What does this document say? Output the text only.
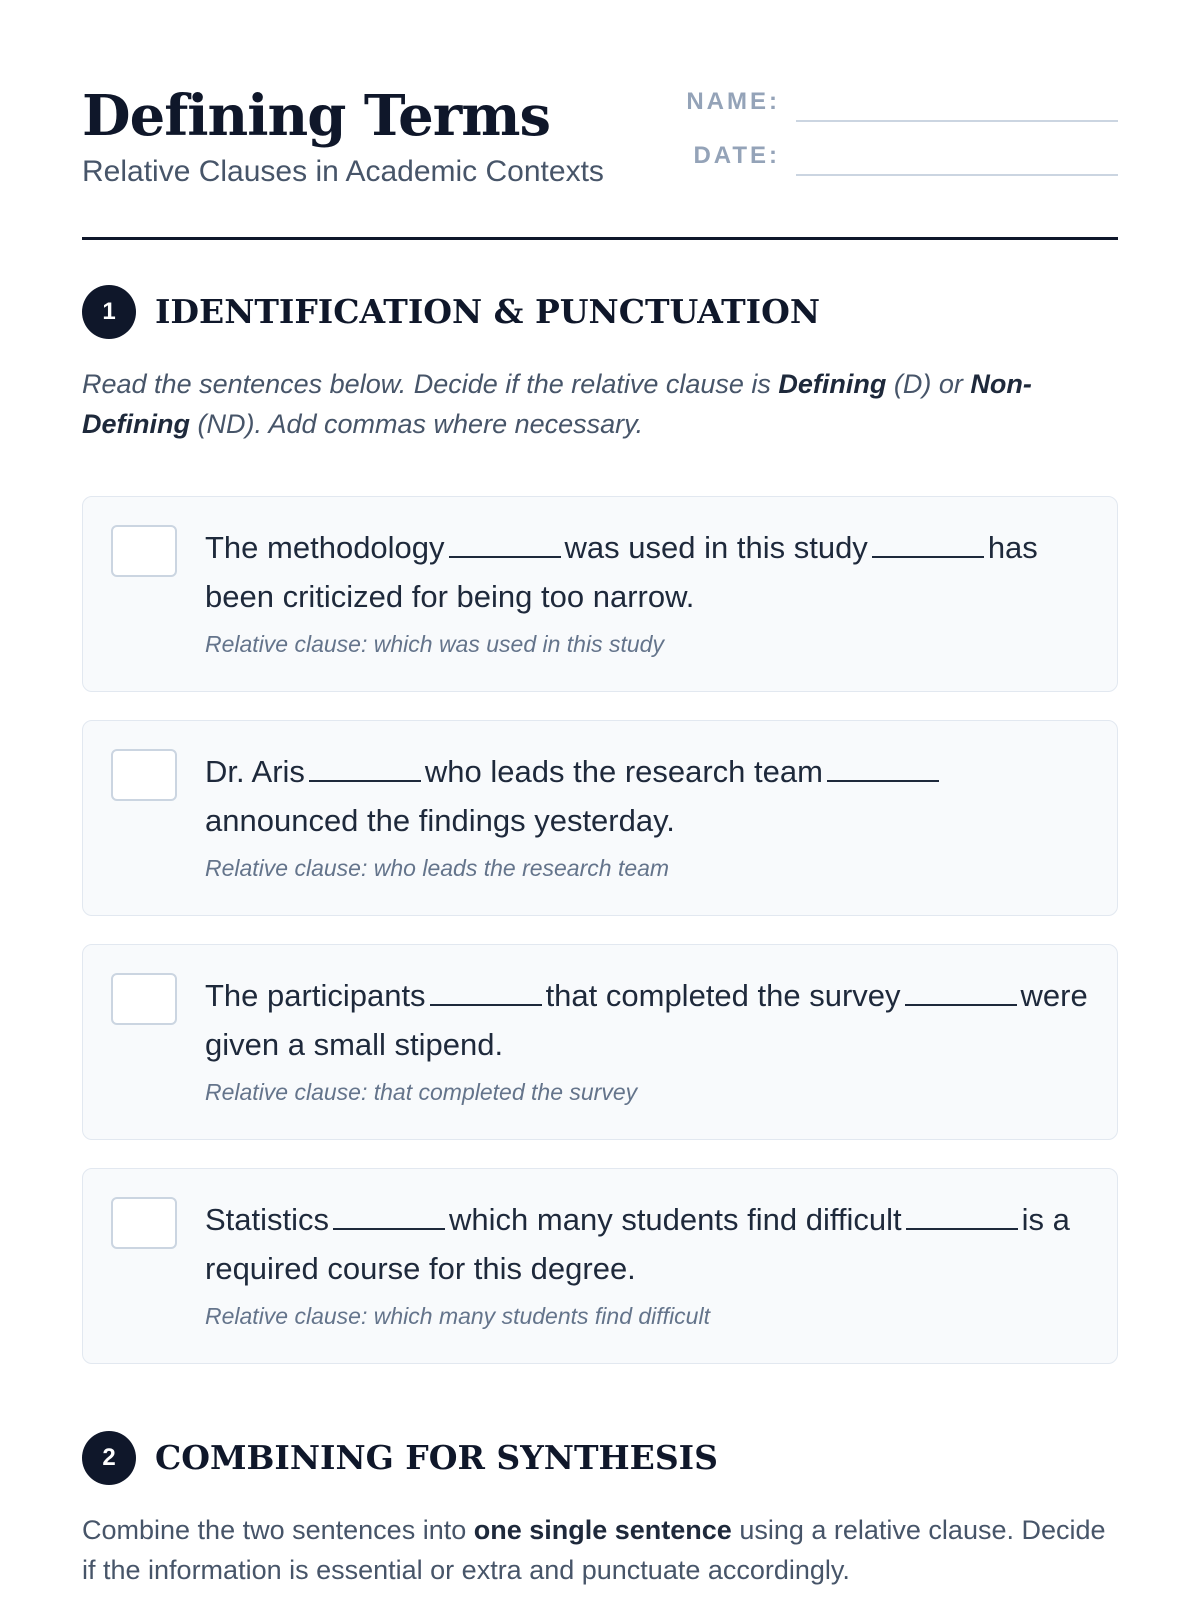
Defining Terms
Relative Clauses in Academic Contexts
NAME:
DATE:
1	IDENTIFICATION & PUNCTUATION
Read the sentences below. Decide if the relative clause is Defining (D) or Non-Defining (ND). Add commas where necessary.
The methodology	was used in this study	has been criticized for being too narrow.
Relative clause: which was used in this study
Dr. Aris	who leads the research teamannounced the findings yesterday.
Relative clause: who leads the research team
The participants	that completed the survey	were given a small stipend.
Relative clause: that completed the survey
Statistics	which many students find difficult	is a required course for this degree.
Relative clause: which many students find difficult
2	COMBINING FOR SYNTHESIS
Combine the two sentences into one single sentence using a relative clause. Decide if the information is essential or extra and punctuate accordingly.
